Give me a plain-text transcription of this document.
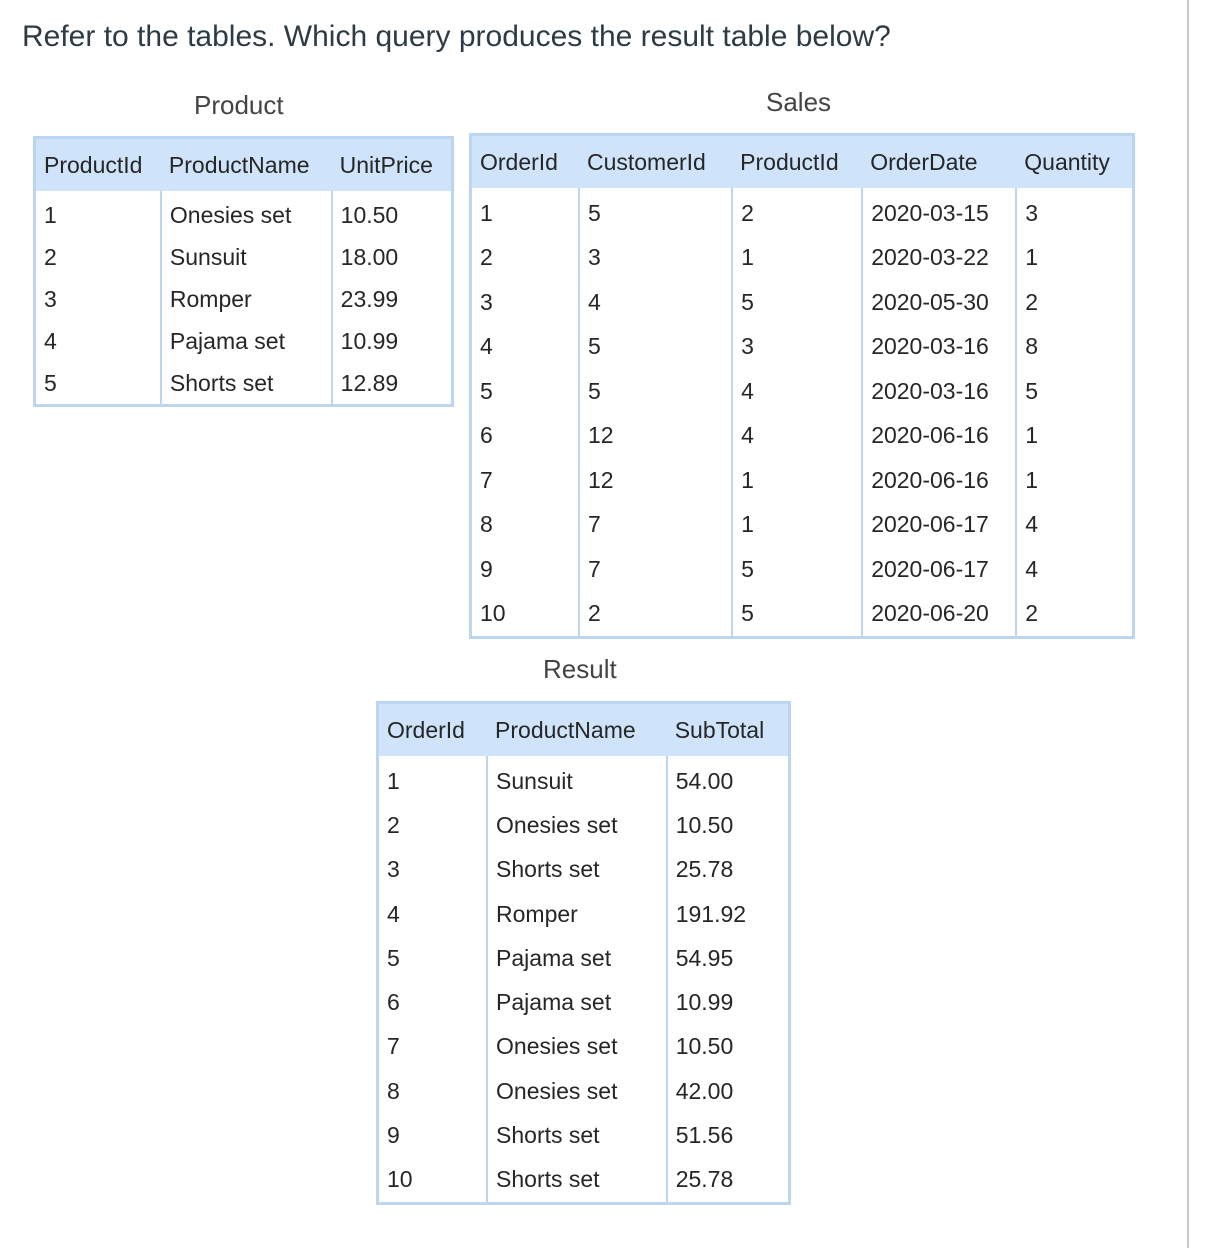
Refer to the tables. Which query produces the result table below?
Product	Sales
Result
ProductId	ProductName	UnitPrice
1	Onesies set	10.50
2	Sunsuit	18.00
3	Romper	23.99
4	Pajama set	10.99
5	Shorts set	12.89
OrderId	CustomerId	ProductId	OrderDate	Quantity
1	5	2	2020-03-15	3
2	3	1	2020-03-22	1
3	4	5	2020-05-30	2
4	5	3	2020-03-16	8
5	5	4	2020-03-16	5
6	12	4	2020-06-16	1
7	12	1	2020-06-16	1
8	7	1	2020-06-17	4
9	7	5	2020-06-17	4
10	2	5	2020-06-20	2
OrderId	ProductName	SubTotal
1	Sunsuit	54.00
2	Onesies set	10.50
3	Shorts set	25.78
4	Romper	191.92
5	Pajama set	54.95
6	Pajama set	10.99
7	Onesies set	10.50
8	Onesies set	42.00
9	Shorts set	51.56
10	Shorts set	25.78
